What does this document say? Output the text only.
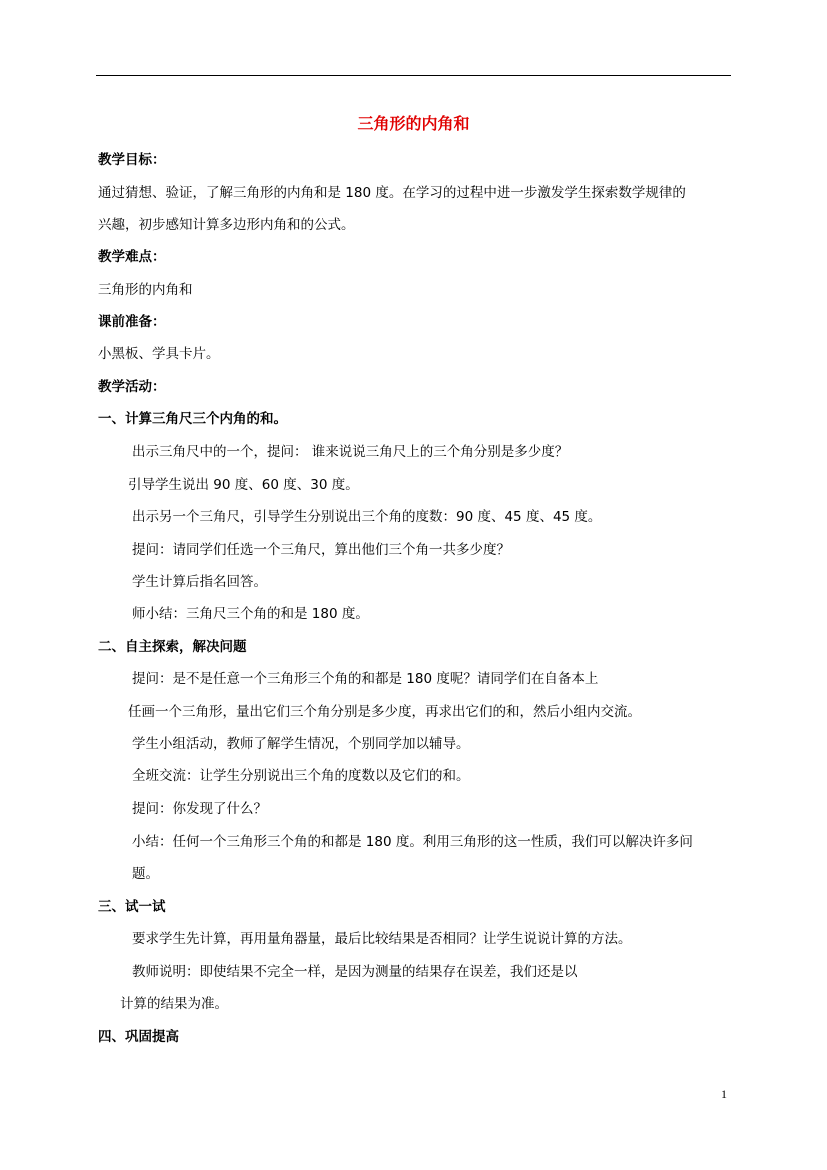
三角形的内角和
教学目标：
通过猜想、验证，了解三角形的内角和是 180 度。在学习的过程中进一步激发学生探索数学规律的
兴趣，初步感知计算多边形内角和的公式。
教学难点：
三角形的内角和
课前准备：
小黑板、学具卡片。
教学活动：
一、计算三角尺三个内角的和。
出示三角尺中的一个，提问： 谁来说说三角尺上的三个角分别是多少度？
引导学生说出 90 度、60 度、30 度。
出示另一个三角尺，引导学生分别说出三个角的度数：90 度、45 度、45 度。
提问：请同学们任选一个三角尺，算出他们三个角一共多少度？
学生计算后指名回答。
师小结：三角尺三个角的和是 180 度。
二、自主探索，解决问题
提问：是不是任意一个三角形三个角的和都是 180 度呢？请同学们在自备本上
任画一个三角形，量出它们三个角分别是多少度，再求出它们的和，然后小组内交流。
学生小组活动，教师了解学生情况，个别同学加以辅导。
全班交流：让学生分别说出三个角的度数以及它们的和。
提问：你发现了什么？
小结：任何一个三角形三个角的和都是 180 度。利用三角形的这一性质，我们可以解决许多问
题。
三、试一试
要求学生先计算，再用量角器量，最后比较结果是否相同？让学生说说计算的方法。
教师说明：即使结果不完全一样，是因为测量的结果存在误差，我们还是以
计算的结果为准。
四、巩固提高
1
